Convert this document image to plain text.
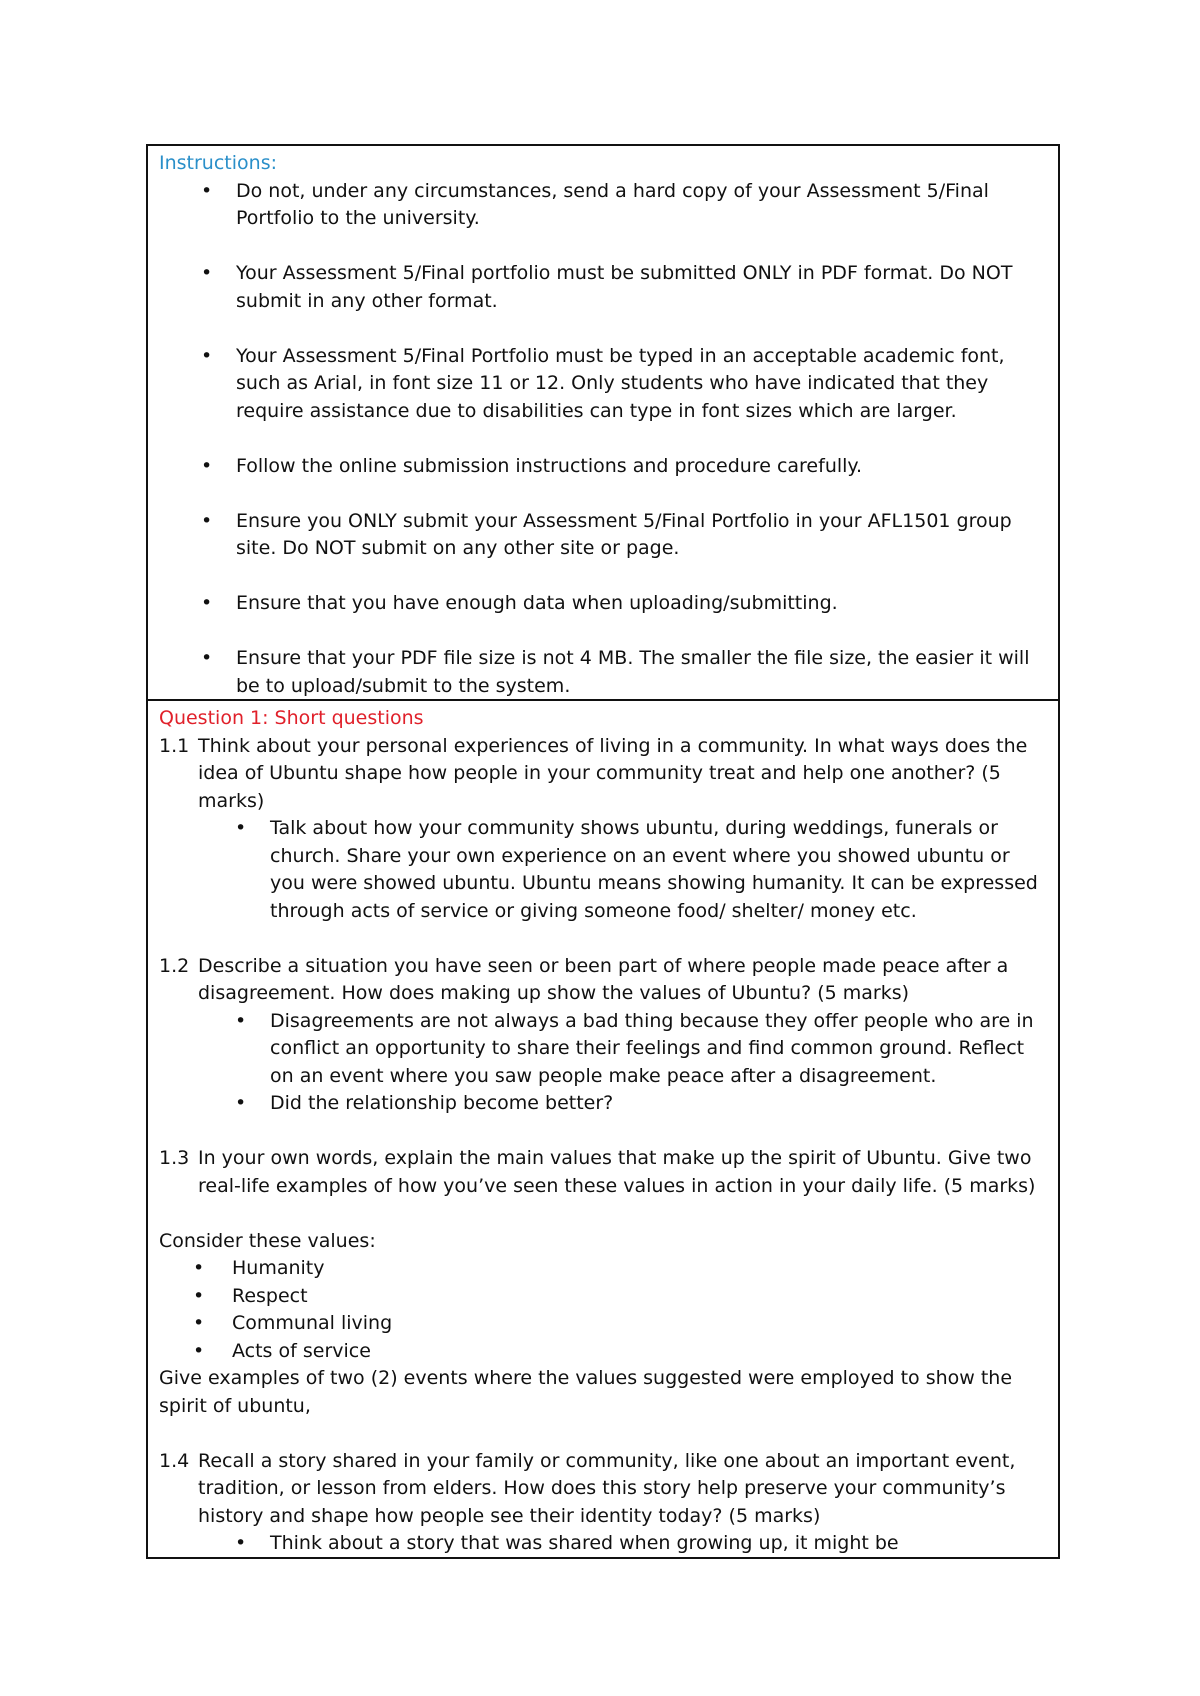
Instructions:
• Do not, under any circumstances, send a hard copy of your Assessment 5/Final Portfolio to the university.
• Your Assessment 5/Final portfolio must be submitted ONLY in PDF format. Do NOT submit in any other format.
• Your Assessment 5/Final Portfolio must be typed in an acceptable academic font, such as Arial, in font size 11 or 12. Only students who have indicated that they require assistance due to disabilities can type in font sizes which are larger.
• Follow the online submission instructions and procedure carefully.
• Ensure you ONLY submit your Assessment 5/Final Portfolio in your AFL1501 group site. Do NOT submit on any other site or page.
• Ensure that you have enough data when uploading/submitting.
• Ensure that your PDF file size is not 4 MB. The smaller the file size, the easier it will be to upload/submit to the system.
Question 1: Short questions
1.1 Think about your personal experiences of living in a community. In what ways does the idea of Ubuntu shape how people in your community treat and help one another? (5 marks)
• Talk about how your community shows ubuntu, during weddings, funerals or church. Share your own experience on an event where you showed ubuntu or you were showed ubuntu. Ubuntu means showing humanity. It can be expressed through acts of service or giving someone food/ shelter/ money etc.
1.2 Describe a situation you have seen or been part of where people made peace after a disagreement. How does making up show the values of Ubuntu? (5 marks)
• Disagreements are not always a bad thing because they offer people who are in conflict an opportunity to share their feelings and find common ground. Reflect on an event where you saw people make peace after a disagreement.
• Did the relationship become better?
1.3 In your own words, explain the main values that make up the spirit of Ubuntu. Give two real-life examples of how you’ve seen these values in action in your daily life. (5 marks)
Consider these values:
• Humanity
• Respect
• Communal living
• Acts of service
Give examples of two (2) events where the values suggested were employed to show the spirit of ubuntu,
1.4 Recall a story shared in your family or community, like one about an important event, tradition, or lesson from elders. How does this story help preserve your community’s history and shape how people see their identity today? (5 marks)
• Think about a story that was shared when growing up, it might be
